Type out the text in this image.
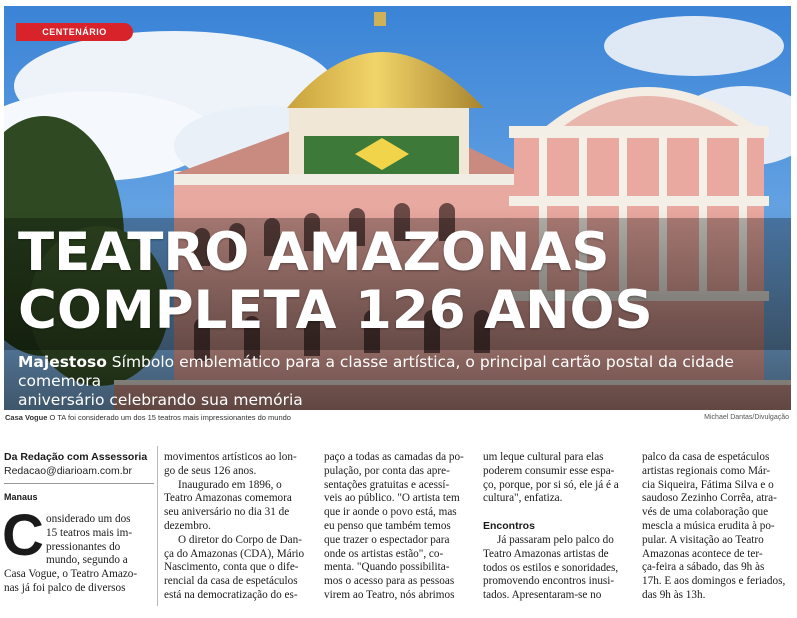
CENTENÁRIO
TEATRO AMAZONAS
COMPLETA 126 ANOS
Majestoso Símbolo emblemático para a classe artística, o principal cartão postal da cidade comemora
aniversário celebrando sua memória
Casa Vogue O TA foi considerado um dos 15 teatros mais impressionantes do mundo	Michael Dantas/Divulgação
Da Redação com Assessoria
Redacao@diarioam.com.br
Manaus
C onsiderado um dos
15 teatros mais im-
pressionantes do
mundo, segundo a
Casa Vogue, o Teatro Amazo-
nas já foi palco de diversos
movimentos artísticos ao lon-
go de seus 126 anos.
Inaugurado em 1896, o
Teatro Amazonas comemora
seu aniversário no dia 31 de
dezembro.
O diretor do Corpo de Dan-
ça do Amazonas (CDA), Mário
Nascimento, conta que o dife-
rencial da casa de espetáculos
está na democratização do es-
paço a todas as camadas da po-
pulação, por conta das apre-
sentações gratuitas e acessí-
veis ao público. "O artista tem
que ir aonde o povo está, mas
eu penso que também temos
que trazer o espectador para
onde os artistas estão", co-
menta. "Quando possibilita-
mos o acesso para as pessoas
virem ao Teatro, nós abrimos
um leque cultural para elas
poderem consumir esse espa-
ço, porque, por si só, ele já é a
cultura", enfatiza.
Encontros
Já passaram pelo palco do
Teatro Amazonas artistas de
todos os estilos e sonoridades,
promovendo encontros inusi-
tados. Apresentaram-se no
palco da casa de espetáculos
artistas regionais como Már-
cia Siqueira, Fátima Silva e o
saudoso Zezinho Corrêa, atra-
vés de uma colaboração que
mescla a música erudita à po-
pular. A visitação ao Teatro
Amazonas acontece de ter-
ça-feira a sábado, das 9h às
17h. E aos domingos e feriados,
das 9h às 13h.
